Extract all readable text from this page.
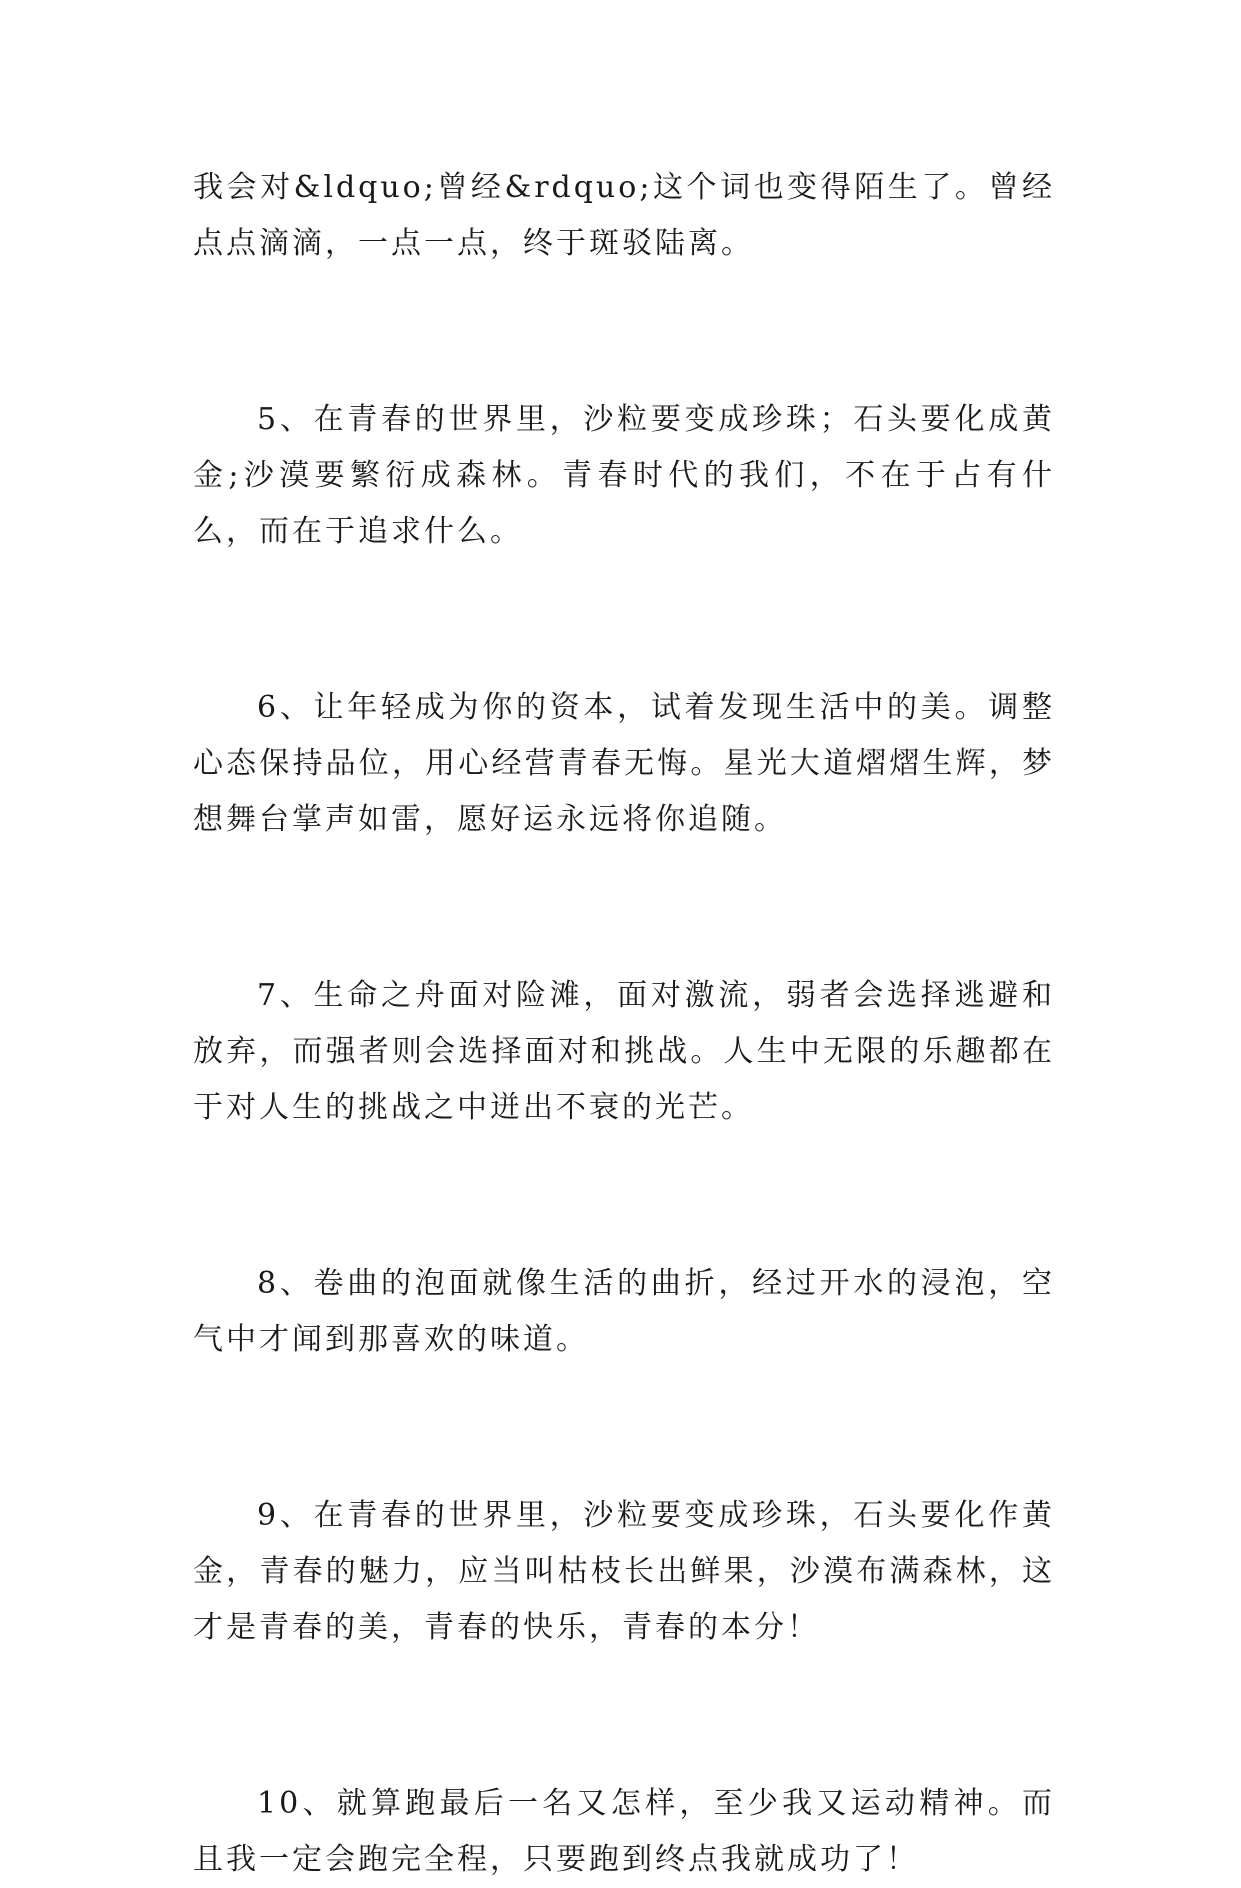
我会对&ldquo;曾经&rdquo;这个词也变得陌生了。曾经点点滴滴，一点一点，终于斑驳陆离。

5、在青春的世界里，沙粒要变成珍珠；石头要化成黄金;沙漠要繁衍成森林。青春时代的我们，不在于占有什么，而在于追求什么。

6、让年轻成为你的资本，试着发现生活中的美。调整心态保持品位，用心经营青春无悔。星光大道熠熠生辉，梦想舞台掌声如雷，愿好运永远将你追随。

7、生命之舟面对险滩，面对激流，弱者会选择逃避和放弃，而强者则会选择面对和挑战。人生中无限的乐趣都在于对人生的挑战之中迸出不衰的光芒。

8、卷曲的泡面就像生活的曲折，经过开水的浸泡，空气中才闻到那喜欢的味道。

9、在青春的世界里，沙粒要变成珍珠，石头要化作黄金，青春的魅力，应当叫枯枝长出鲜果，沙漠布满森林，这才是青春的美，青春的快乐，青春的本分！

10、就算跑最后一名又怎样，至少我又运动精神。而且我一定会跑完全程，只要跑到终点我就成功了！
